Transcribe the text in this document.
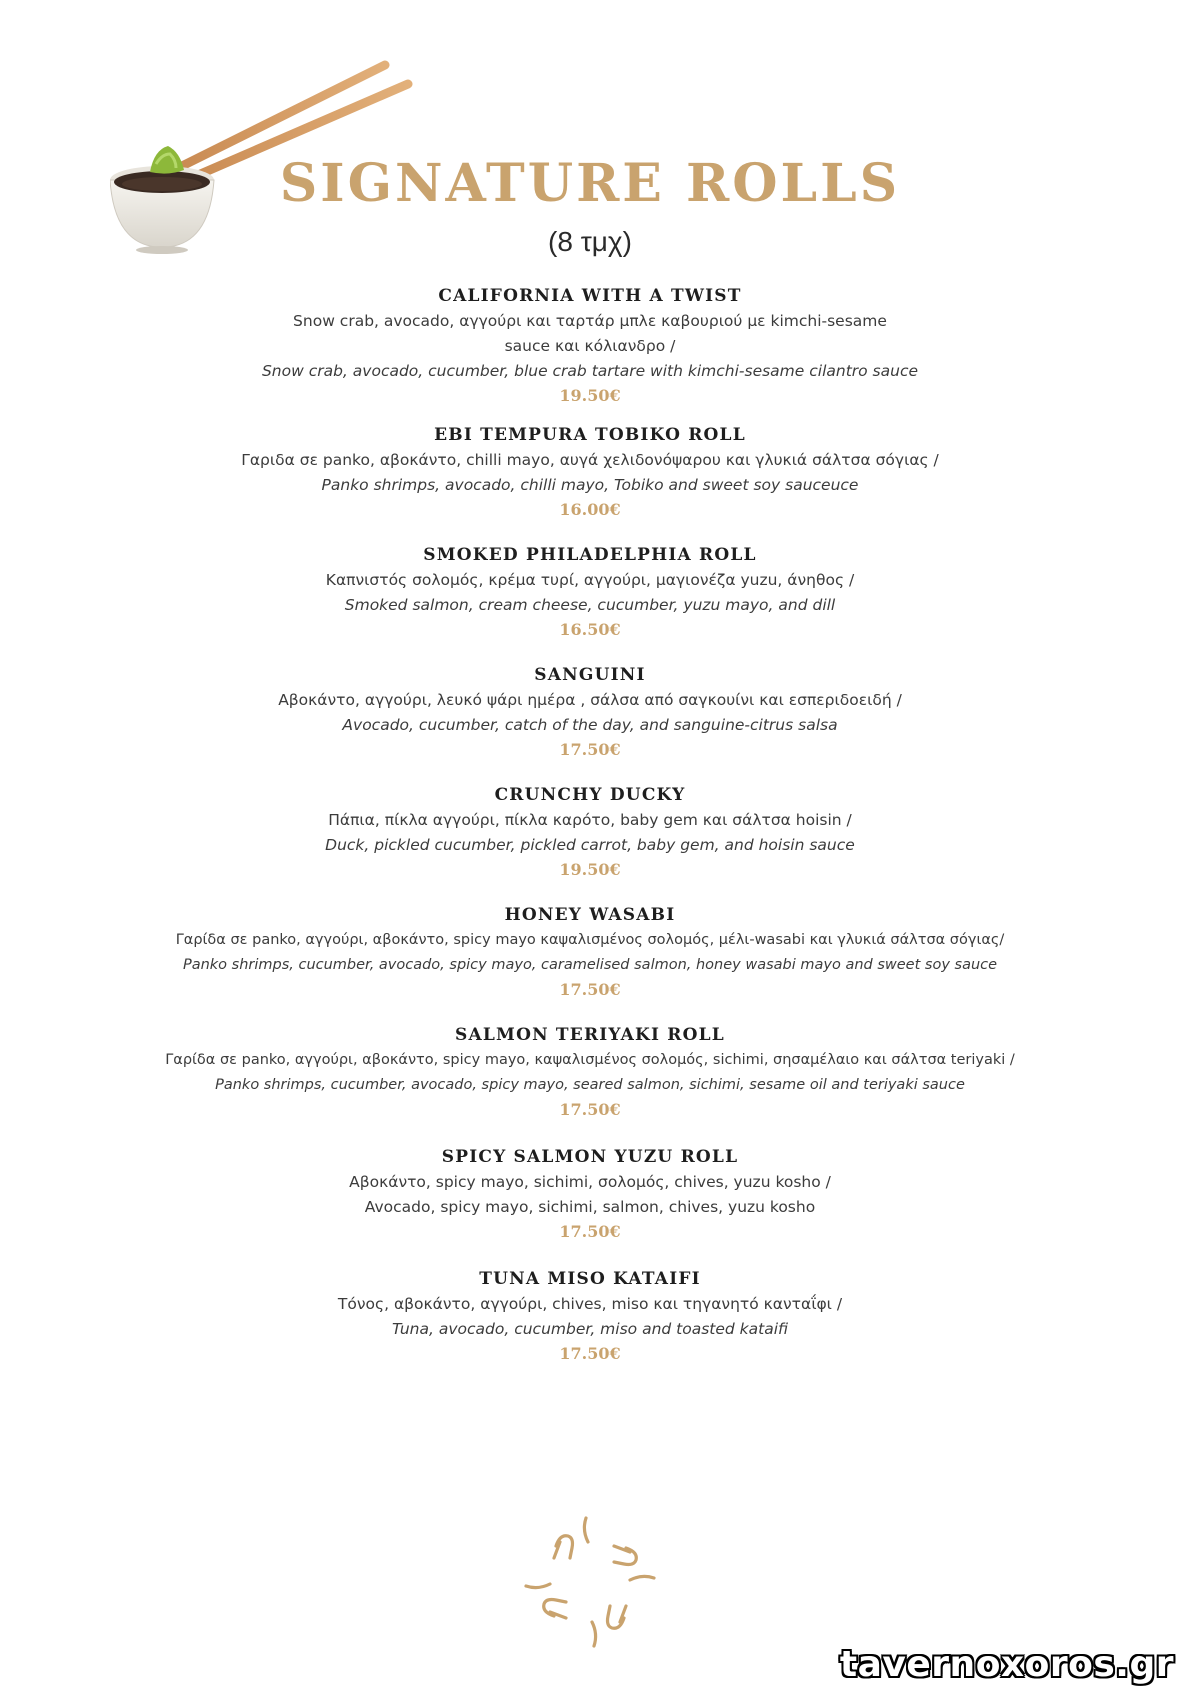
SIGNATURE ROLLS
(8 τμχ)
CALIFORNIA WITH A TWIST
Snow crab, avocado, αγγούρι και ταρτάρ μπλε καβουριού με kimchi-sesame sauce και κόλιανδρο /
Snow crab, avocado, cucumber, blue crab tartare with kimchi-sesame cilantro sauce
19.50€
EBI TEMPURA TOBIKO ROLL
Γαριδα σε panko, αβοκάντο, chilli mayo, αυγά χελιδονόψαρου και γλυκιά σάλτσα σόγιας /
Panko shrimps, avocado, chilli mayo, Tobiko and sweet soy sauceuce
16.00€
SMOKED PHILADELPHIA ROLL
Καπνιστός σολομός, κρέμα τυρί, αγγούρι, μαγιονέζα yuzu, άνηθος /
Smoked salmon, cream cheese, cucumber, yuzu mayo, and dill
16.50€
SANGUINI
Αβοκάντο, αγγούρι, λευκό ψάρι ημέρα , σάλσα από σαγκουίνι και εσπεριδοειδή /
Avocado, cucumber, catch of the day, and sanguine-citrus salsa
17.50€
CRUNCHY DUCKY
Πάπια, πίκλα αγγούρι, πίκλα καρότο, baby gem και σάλτσα hoisin /
Duck, pickled cucumber, pickled carrot, baby gem, and hoisin sauce
19.50€
HONEY WASABI
Γαρίδα σε panko, αγγούρι, αβοκάντο, spicy mayo καψαλισμένος σολομός, μέλι-wasabi και γλυκιά σάλτσα σόγιας/
Panko shrimps, cucumber, avocado, spicy mayo, caramelised salmon, honey wasabi mayo and sweet soy sauce
17.50€
SALMON TERIYAKI ROLL
Γαρίδα σε panko, αγγούρι, αβοκάντο, spicy mayo, καψαλισμένος σολομός, sichimi, σησαμέλαιο και σάλτσα teriyaki /
Panko shrimps, cucumber, avocado, spicy mayo, seared salmon, sichimi, sesame oil and teriyaki sauce
17.50€
SPICY SALMON YUZU ROLL
Αβοκάντο, spicy mayo, sichimi, σολομός, chives, yuzu kosho /
Avocado, spicy mayo, sichimi, salmon, chives, yuzu kosho
17.50€
TUNA MISO KATAIFI
Τόνος, αβοκάντο, αγγούρι, chives, miso και τηγανητό κανταΐφι /
Tuna, avocado, cucumber, miso and toasted kataifi
17.50€
tavernoxoros.gr
